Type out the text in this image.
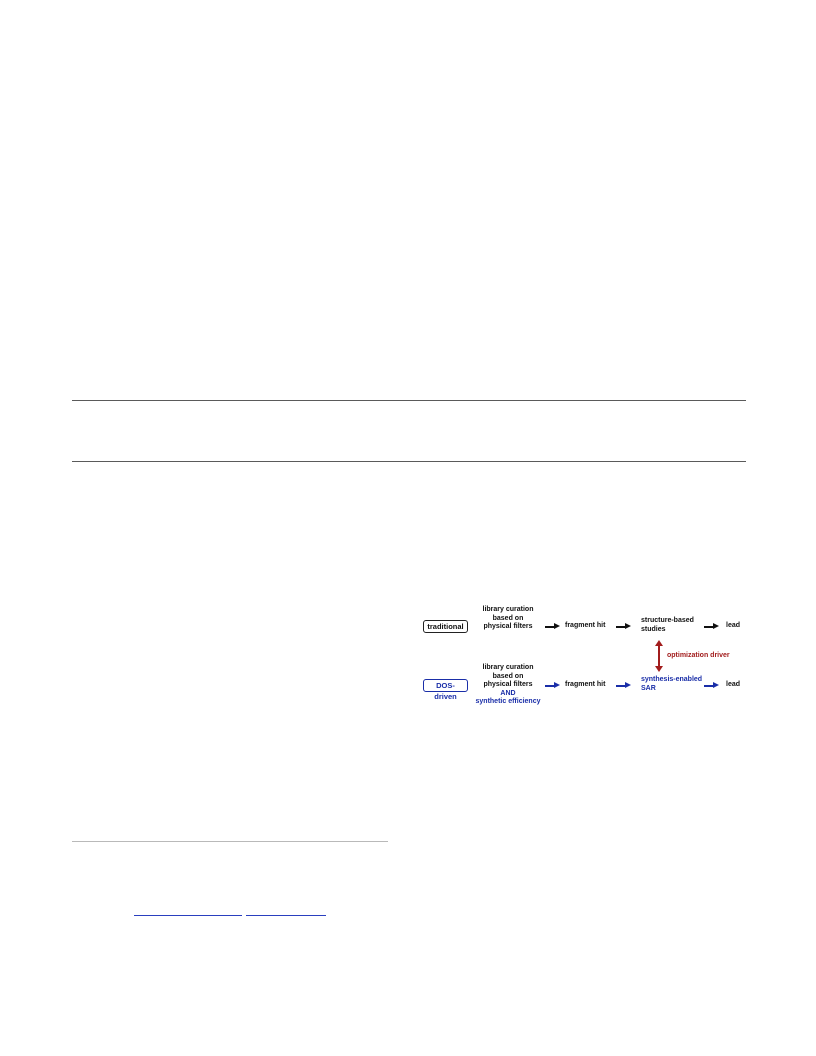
traditional
library curation
based on
physical filters	fragment hit
structure-based
studies	lead
optimization driver
DOS-driven
library curation
based on
physical filters
AND
synthetic efficiency
fragment hit
synthesis-enabled
SAR	lead
